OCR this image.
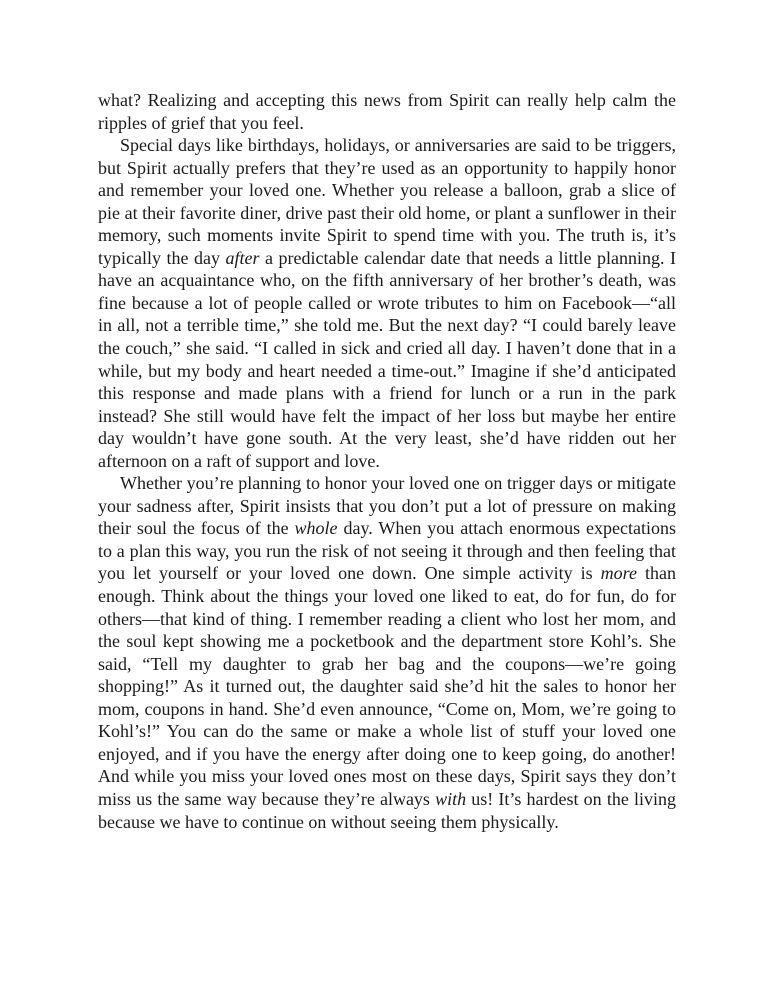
what? Realizing and accepting this news from Spirit can really help calm the ripples of grief that you feel.

Special days like birthdays, holidays, or anniversaries are said to be triggers, but Spirit actually prefers that they’re used as an opportunity to happily honor and remember your loved one. Whether you release a balloon, grab a slice of pie at their favorite diner, drive past their old home, or plant a sunflower in their memory, such moments invite Spirit to spend time with you. The truth is, it’s typically the day after a predictable calendar date that needs a little planning. I have an acquaintance who, on the fifth anniversary of her brother’s death, was fine because a lot of people called or wrote tributes to him on Facebook—“all in all, not a terrible time,” she told me. But the next day? “I could barely leave the couch,” she said. “I called in sick and cried all day. I haven’t done that in a while, but my body and heart needed a time-out.” Imagine if she’d anticipated this response and made plans with a friend for lunch or a run in the park instead? She still would have felt the impact of her loss but maybe her entire day wouldn’t have gone south. At the very least, she’d have ridden out her afternoon on a raft of support and love.

Whether you’re planning to honor your loved one on trigger days or mitigate your sadness after, Spirit insists that you don’t put a lot of pressure on making their soul the focus of the whole day. When you attach enormous expectations to a plan this way, you run the risk of not seeing it through and then feeling that you let yourself or your loved one down. One simple activity is more than enough. Think about the things your loved one liked to eat, do for fun, do for others—that kind of thing. I remember reading a client who lost her mom, and the soul kept showing me a pocketbook and the department store Kohl’s. She said, “Tell my daughter to grab her bag and the coupons—we’re going shopping!” As it turned out, the daughter said she’d hit the sales to honor her mom, coupons in hand. She’d even announce, “Come on, Mom, we’re going to Kohl’s!” You can do the same or make a whole list of stuff your loved one enjoyed, and if you have the energy after doing one to keep going, do another! And while you miss your loved ones most on these days, Spirit says they don’t miss us the same way because they’re always with us! It’s hardest on the living because we have to continue on without seeing them physically.
